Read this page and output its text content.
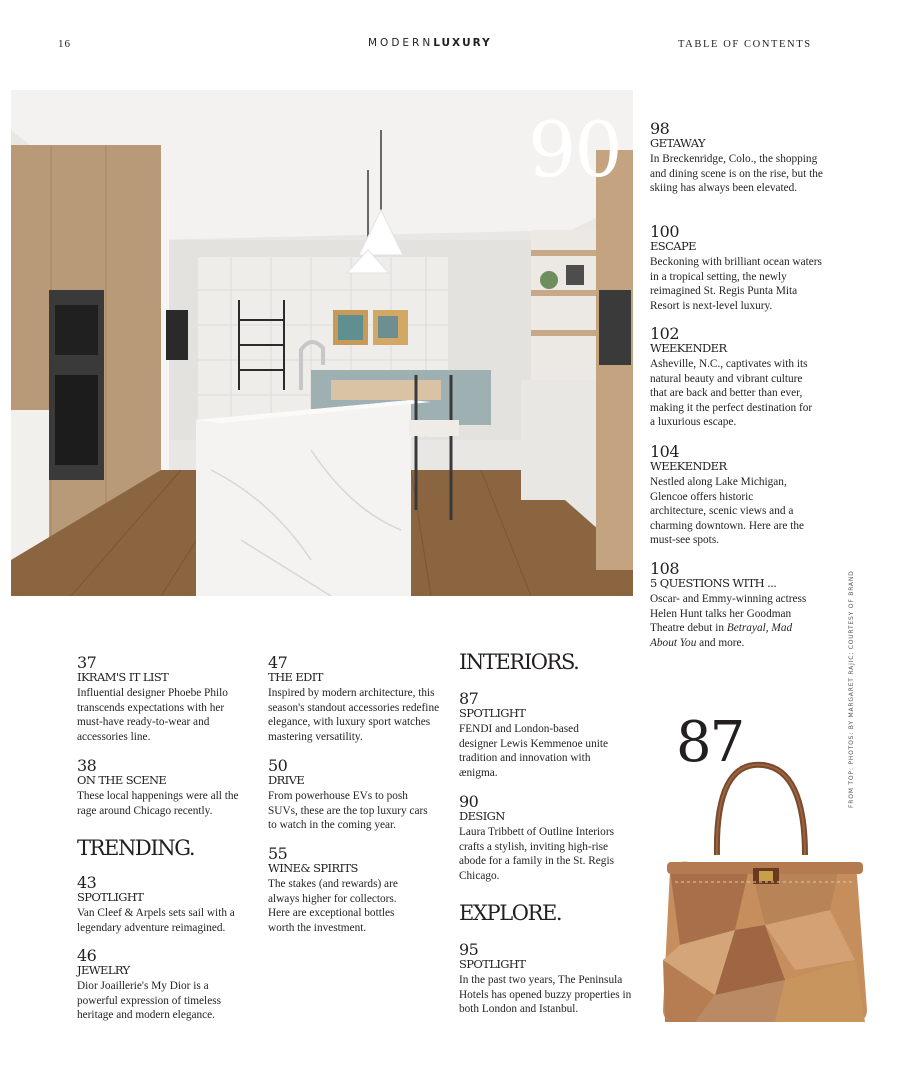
16	MODERNLUXURY	TABLE OF CONTENTS
90 98
GETAWAY
In Breckenridge, Colo., the shopping and dining scene is on the rise, but the skiing has always been elevated.
100
ESCAPE
Beckoning with brilliant ocean waters in a tropical setting, the newly reimagined St. Regis Punta Mita Resort is next-level luxury.
102
WEEKENDER
Asheville, N.C., captivates with its natural beauty and vibrant culture that are back and better than ever, making it the perfect destination for a luxurious escape.
104
WEEKENDER
Nestled along Lake Michigan, Glencoe offers historic architecture, scenic views and a charming downtown. Here are the must-see spots.
108
5 QUESTIONS WITH ...
Oscar- and Emmy-winning actress Helen Hunt talks her Goodman Theatre debut in Betrayal, Mad About You and more.
37
IKRAM'S IT LIST
Influential designer Phoebe Philo transcends expectations with her must-have ready-to-wear and accessories line.
38
ON THE SCENE
These local happenings were all the rage around Chicago recently.
TRENDING.
43
SPOTLIGHT
Van Cleef & Arpels sets sail with a legendary adventure reimagined.
46
JEWELRY
Dior Joaillerie's My Dior is a powerful expression of timeless heritage and modern elegance.
47
THE EDIT
Inspired by modern architecture, this season's standout accessories redefine elegance, with luxury sport watches mastering versatility.
50
DRIVE
From powerhouse EVs to posh SUVs, these are the top luxury cars to watch in the coming year.
55
WINE& SPIRITS
The stakes (and rewards) are always higher for collectors. Here are exceptional bottles worth the investment.
INTERIORS.
87
SPOTLIGHT
FENDI and London-based designer Lewis Kemmenoe unite tradition and innovation with ænigma.
90
DESIGN
Laura Tribbett of Outline Interiors crafts a stylish, inviting high-rise abode for a family in the St. Regis Chicago.
EXPLORE.
95
SPOTLIGHT
In the past two years, The Peninsula Hotels has opened buzzy properties in both London and Istanbul.
FROM TOP: PHOTOS: BY MARGARET RAJIC; COURTESY OF BRAND
87
